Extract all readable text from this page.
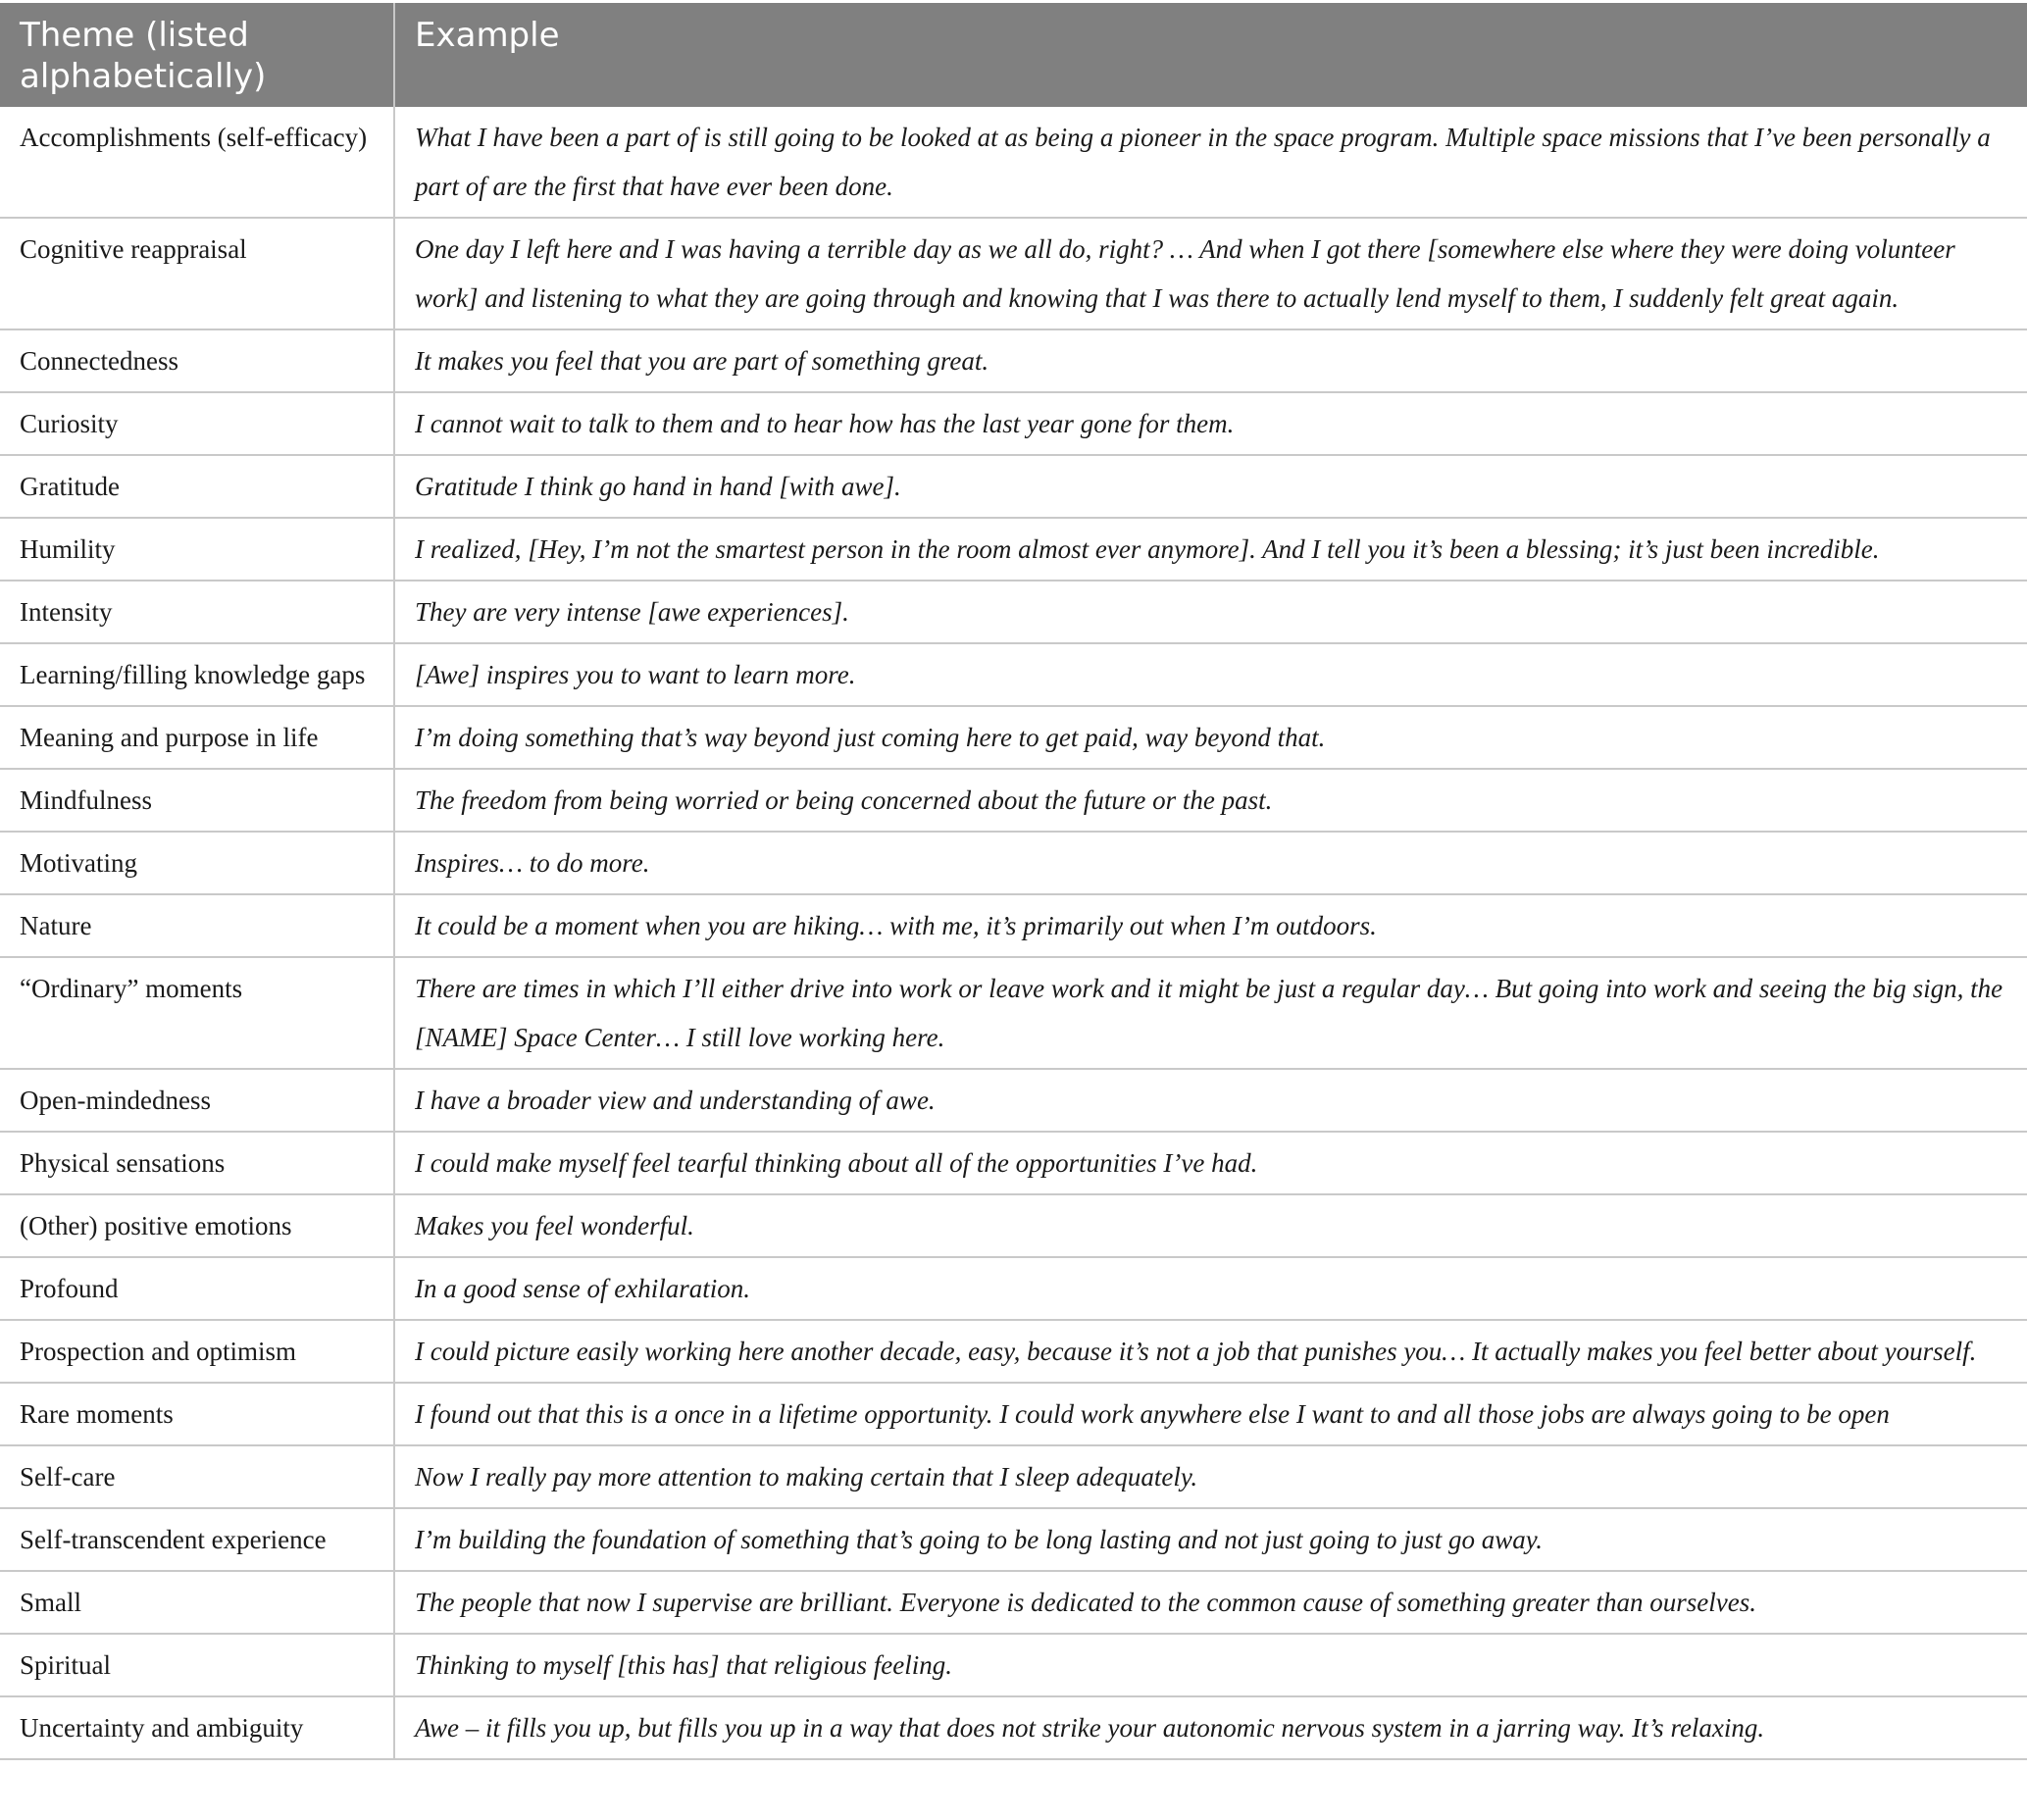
Theme (listed alphabetically)	Example
Accomplishments (self-efficacy)	What I have been a part of is still going to be looked at as being a pioneer in the space program. Multiple space missions that I’ve been personally a part of are the first that have ever been done.
Cognitive reappraisal	One day I left here and I was having a terrible day as we all do, right? … And when I got there [somewhere else where they were doing volunteer work] and listening to what they are going through and knowing that I was there to actually lend myself to them, I suddenly felt great again.
Connectedness	It makes you feel that you are part of something great.
Curiosity	I cannot wait to talk to them and to hear how has the last year gone for them.
Gratitude	Gratitude I think go hand in hand [with awe].
Humility	I realized, [Hey, I’m not the smartest person in the room almost ever anymore]. And I tell you it’s been a blessing; it’s just been incredible.
Intensity	They are very intense [awe experiences].
Learning/filling knowledge gaps	[Awe] inspires you to want to learn more.
Meaning and purpose in life	I’m doing something that’s way beyond just coming here to get paid, way beyond that.
Mindfulness	The freedom from being worried or being concerned about the future or the past.
Motivating	Inspires… to do more.
Nature	It could be a moment when you are hiking… with me, it’s primarily out when I’m outdoors.
“Ordinary” moments	There are times in which I’ll either drive into work or leave work and it might be just a regular day… But going into work and seeing the big sign, the [NAME] Space Center… I still love working here.
Open-mindedness	I have a broader view and understanding of awe.
Physical sensations	I could make myself feel tearful thinking about all of the opportunities I’ve had.
(Other) positive emotions	Makes you feel wonderful.
Profound	In a good sense of exhilaration.
Prospection and optimism	I could picture easily working here another decade, easy, because it’s not a job that punishes you… It actually makes you feel better about yourself.
Rare moments	I found out that this is a once in a lifetime opportunity. I could work anywhere else I want to and all those jobs are always going to be open
Self-care	Now I really pay more attention to making certain that I sleep adequately.
Self-transcendent experience	I’m building the foundation of something that’s going to be long lasting and not just going to just go away.
Small	The people that now I supervise are brilliant. Everyone is dedicated to the common cause of something greater than ourselves.
Spiritual	Thinking to myself [this has] that religious feeling.
Uncertainty and ambiguity	Awe – it fills you up, but fills you up in a way that does not strike your autonomic nervous system in a jarring way. It’s relaxing.
